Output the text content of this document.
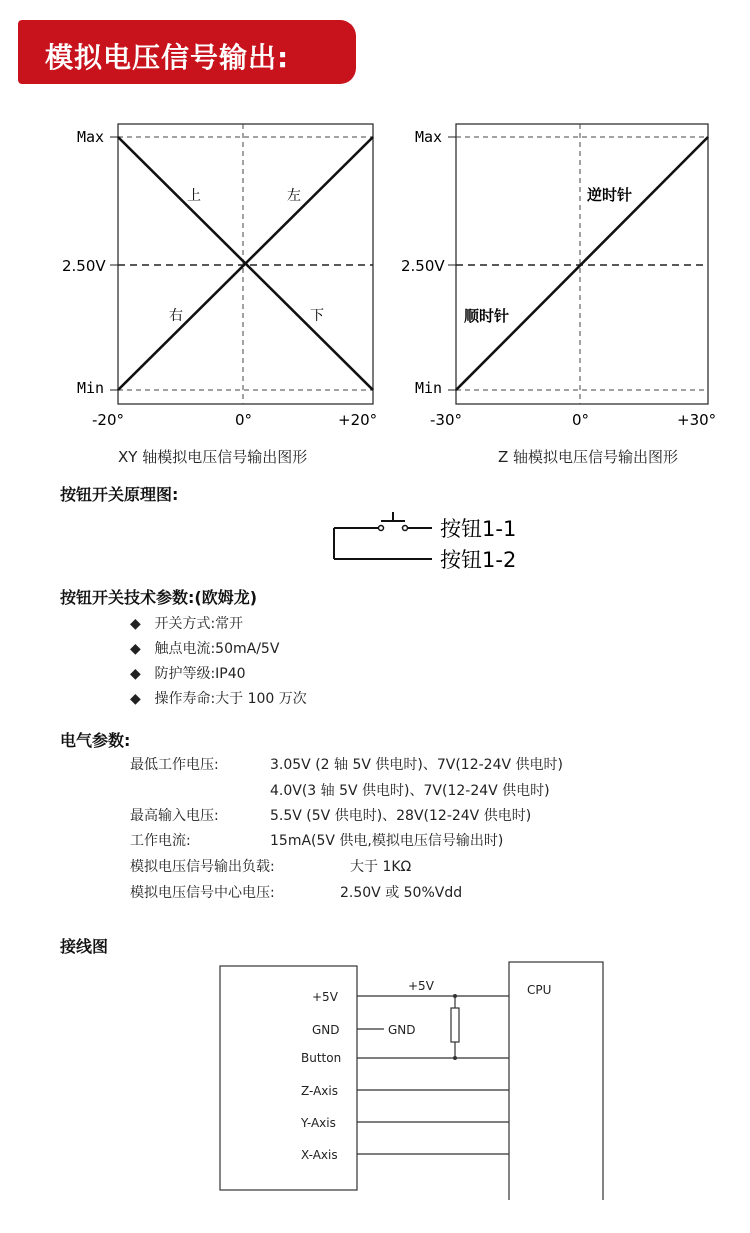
模拟电压信号输出:
Max
2.50V
Min
-20°	0°	+20°
上	左
右	下
Max
2.50V
Min
-30°	0°	+30°
逆时针
顺时针
XY 轴模拟电压信号输出图形	Z 轴模拟电压信号输出图形
按钮开关原理图:
按钮1-1
按钮1-2
按钮开关技术参数:(欧姆龙)
◆ 开关方式:常开
◆ 触点电流:50mA/5V
◆ 防护等级:IP40
◆ 操作寿命:大于 100 万次
电气参数:
最低工作电压:	3.05V (2 轴 5V 供电时)、7V(12-24V 供电时)
4.0V(3 轴 5V 供电时)、7V(12-24V 供电时)
最高输入电压:	5.5V (5V 供电时)、28V(12-24V 供电时)
工作电流:	15mA(5V 供电,模拟电压信号输出时)
模拟电压信号输出负载:	大于 1KΩ
模拟电压信号中心电压:	2.50V 或 50%Vdd
接线图
+5V
GND
Button
Z-Axis
Y-Axis
X-Axis
+5V
GND
CPU
